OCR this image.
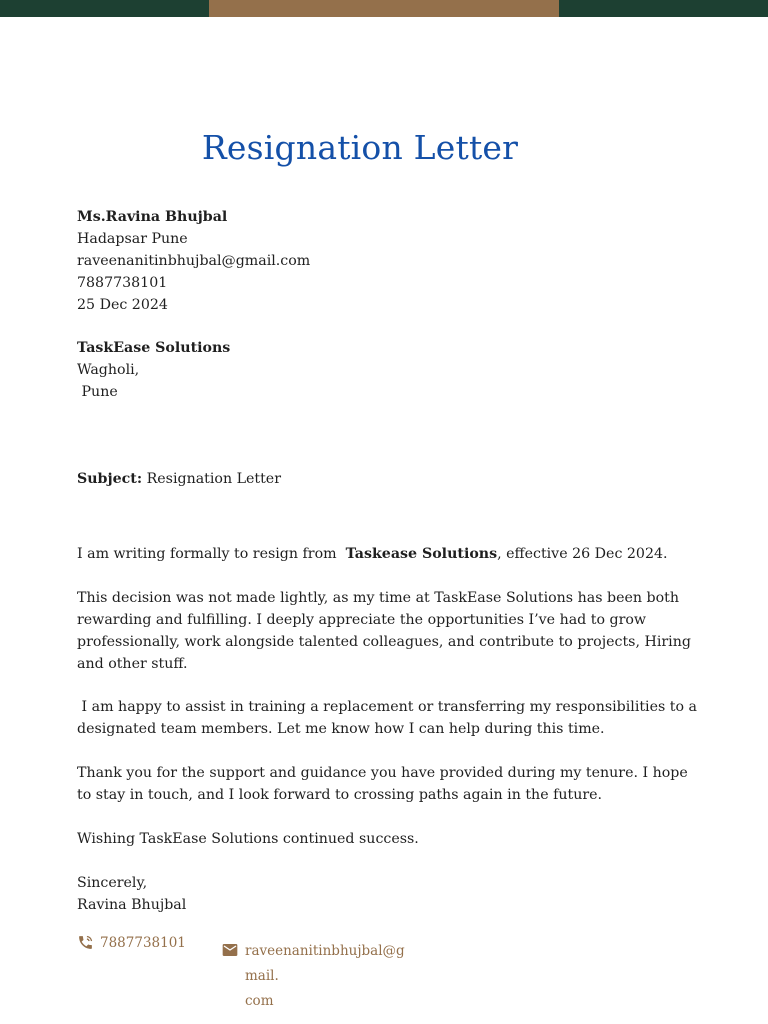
Resignation Letter
Ms.Ravina Bhujbal
Hadapsar Pune
raveenanitinbhujbal@gmail.com
7887738101
25 Dec 2024
TaskEase Solutions
Wagholi,
Pune
Subject: Resignation Letter
I am writing formally to resign from  Taskease Solutions, effective 26 Dec 2024.
This decision was not made lightly, as my time at TaskEase Solutions has been both rewarding and fulfilling. I deeply appreciate the opportunities I’ve had to grow professionally, work alongside talented colleagues, and contribute to projects, Hiring and other stuff.
I am happy to assist in training a replacement or transferring my responsibilities to a designated team members. Let me know how I can help during this time.
Thank you for the support and guidance you have provided during my tenure. I hope to stay in touch, and I look forward to crossing paths again in the future.
Wishing TaskEase Solutions continued success.
Sincerely,
Ravina Bhujbal
7887738101
raveenanitinbhujbal@gmail.
com
